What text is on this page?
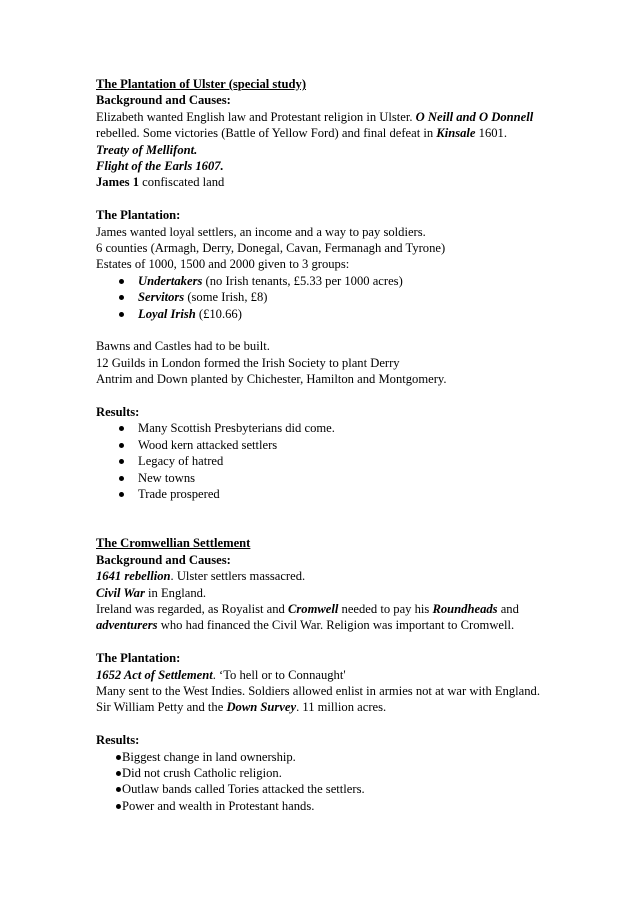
The Plantation of Ulster (special study)

Background and Causes:

Elizabeth wanted English law and Protestant religion in Ulster. O Neill and O Donnell

rebelled. Some victories (Battle of Yellow Ford) and final defeat in Kinsale 1601.

Treaty of Mellifont.

Flight of the Earls 1607.

James 1 confiscated land

The Plantation:

James wanted loyal settlers, an income and a way to pay soldiers.

6 counties (Armagh, Derry, Donegal, Cavan, Fermanagh and Tyrone)

Estates of 1000, 1500 and 2000 given to 3 groups:

Undertakers (no Irish tenants, £5.33 per 1000 acres)
Servitors (some Irish, £8)
Loyal Irish (£10.66)

Bawns and Castles had to be built.

12 Guilds in London formed the Irish Society to plant Derry

Antrim and Down planted by Chichester, Hamilton and Montgomery.

Results:

Many Scottish Presbyterians did come.
Wood kern attacked settlers
Legacy of hatred
New towns
Trade prospered

The Cromwellian Settlement

Background and Causes:

1641 rebellion. Ulster settlers massacred.

Civil War in England.

Ireland was regarded, as Royalist and Cromwell needed to pay his Roundheads and

adventurers who had financed the Civil War. Religion was important to Cromwell.

The Plantation:

1652 Act of Settlement. ‘To hell or to Connaught'

Many sent to the West Indies. Soldiers allowed enlist in armies not at war with England.

Sir William Petty and the Down Survey. 11 million acres.

Results:

Biggest change in land ownership.
Did not crush Catholic religion.
Outlaw bands called Tories attacked the settlers.
Power and wealth in Protestant hands.
